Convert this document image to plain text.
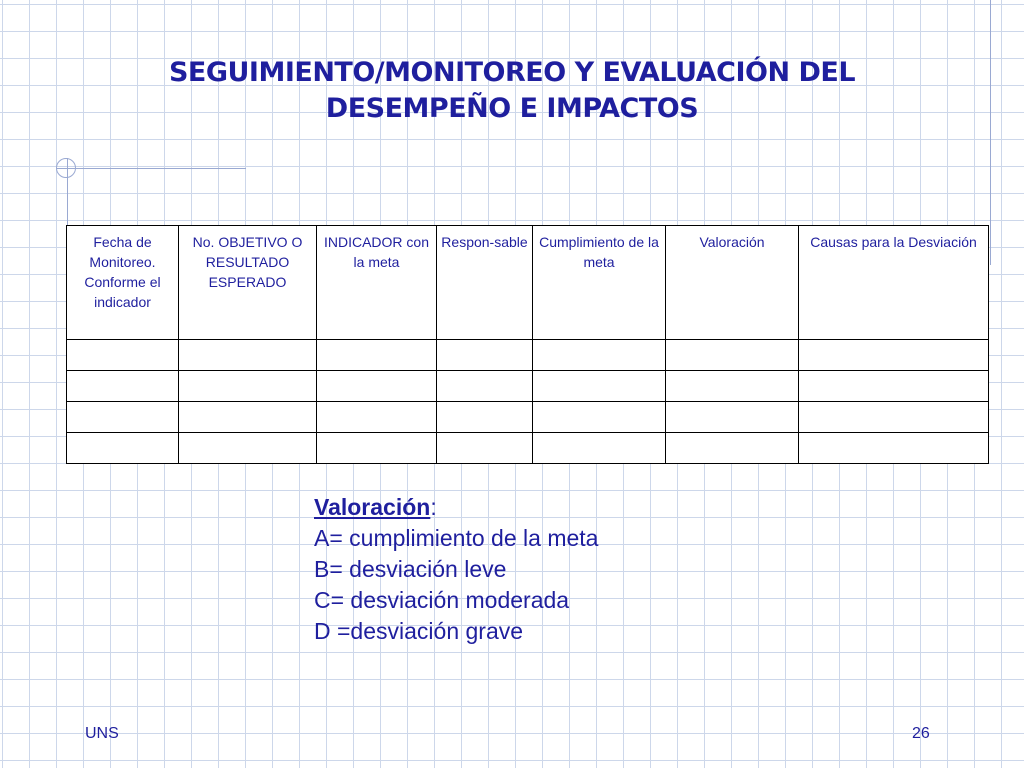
SEGUIMIENTO/MONITOREO Y EVALUACIÓN DEL
DESEMPEÑO E IMPACTOS
Fecha de Monitoreo. Conforme el indicador	No. OBJETIVO O RESULTADO ESPERADO	INDICADOR con la meta	Respon-sable	Cumplimiento de la meta	Valoración	Causas para la Desviación

Valoración:
A= cumplimiento de la meta
B= desviación leve
C= desviación moderada
D =desviación grave
UNS	26
